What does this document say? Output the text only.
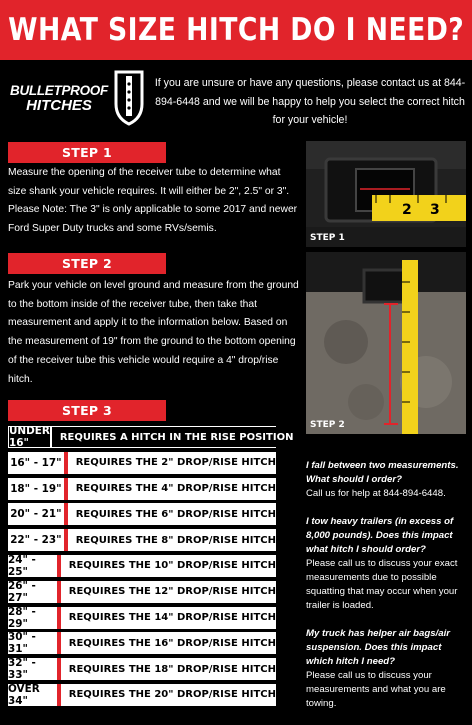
WHAT SIZE HITCH DO I NEED?
BULLETPROOF
HITCHES

If you are unsure or have any questions, please contact us at 844-894-6448 and we will be happy to help you select the correct hitch for your vehicle!

STEP 1

Measure the opening of the receiver tube to determine what size shank your vehicle requires. It will either be 2", 2.5" or 3". Please Note: The 3" is only applicable to some 2017 and newer Ford Super Duty trucks and some RVs/semis.

STEP 2

Park your vehicle on level ground and measure from the ground to the bottom inside of the receiver tube, then take that measurement and apply it to the information below. Based on the measurement of 19" from the ground to the bottom opening of the receiver tube this vehicle would require a 4" drop/rise hitch.

STEP 3
2 3
STEP 1
STEP 2
UNDER 16"	REQUIRES A HITCH IN THE RISE POSITION
16" - 17"	REQUIRES THE 2" DROP/RISE HITCH
18" - 19"	REQUIRES THE 4" DROP/RISE HITCH
20" - 21"	REQUIRES THE 6" DROP/RISE HITCH
22" - 23"	REQUIRES THE 8" DROP/RISE HITCH
24" - 25"	REQUIRES THE 10" DROP/RISE HITCH
26" - 27"	REQUIRES THE 12" DROP/RISE HITCH
28" - 29"	REQUIRES THE 14" DROP/RISE HITCH
30" - 31"	REQUIRES THE 16" DROP/RISE HITCH
32" - 33"	REQUIRES THE 18" DROP/RISE HITCH
OVER 34"	REQUIRES THE 20" DROP/RISE HITCH

I fall between two measurements. What should I order?

Call us for help at 844-894-6448.

I tow heavy trailers (in excess of 8,000 pounds). Does this impact what hitch I should order?

Please call us to discuss your exact measurements due to possible squatting that may occur when your trailer is loaded.

My truck has helper air bags/air suspension. Does this impact which hitch I need?

Please call us to discuss your measurements and what you are towing.
